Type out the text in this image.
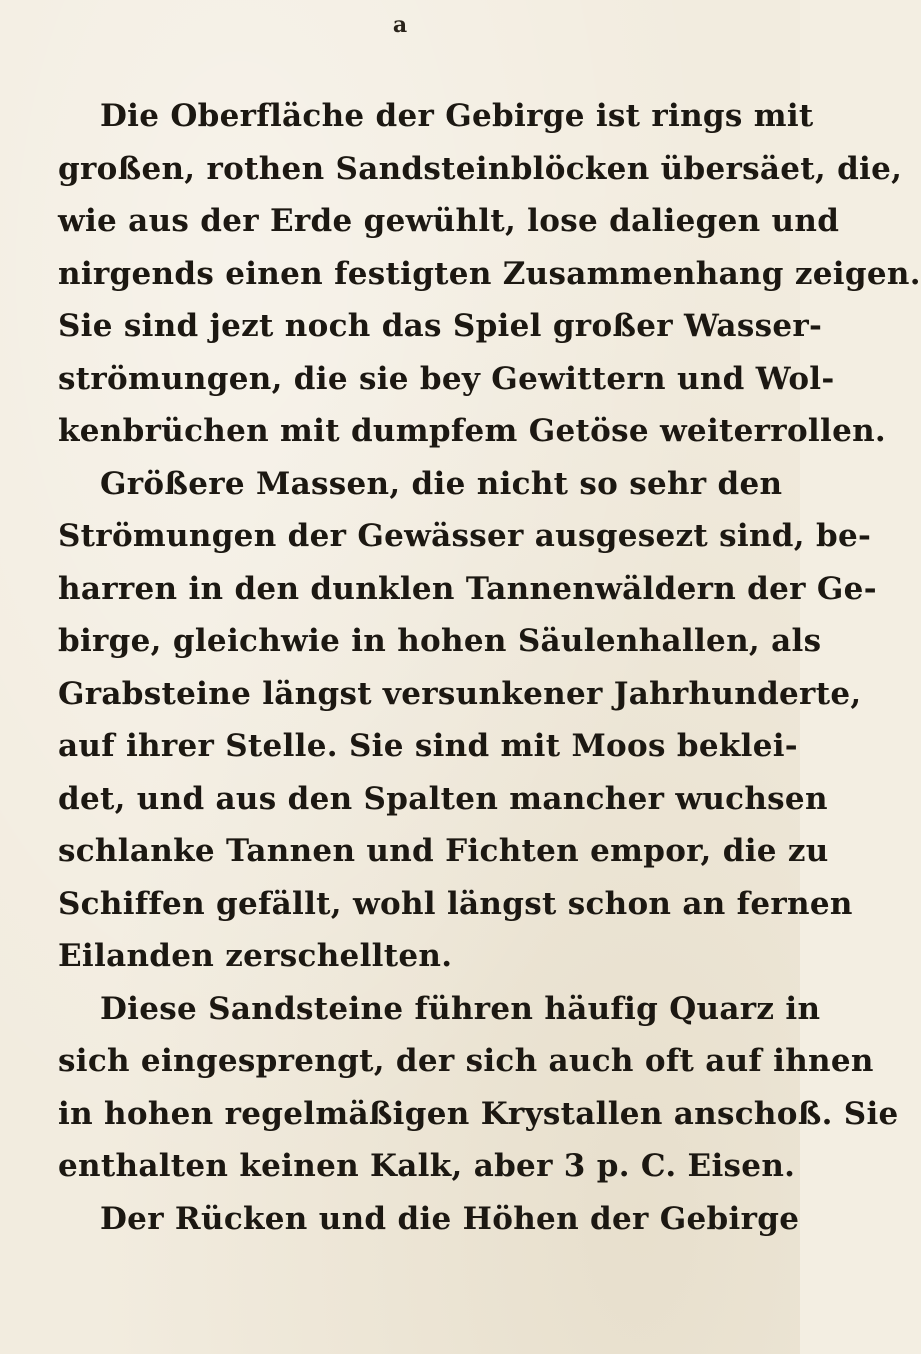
a
Die Oberfläche der Gebirge ist rings mit
großen, rothen Sandsteinblöcken übersäet, die,
wie aus der Erde gewühlt, lose daliegen und
nirgends einen festigten Zusammenhang zeigen.
Sie sind jezt noch das Spiel großer Wasser-
strömungen, die sie bey Gewittern und Wol-
kenbrüchen mit dumpfem Getöse weiterrollen.
Größere Massen, die nicht so sehr den
Strömungen der Gewässer ausgesezt sind, be-
harren in den dunklen Tannenwäldern der Ge-
birge, gleichwie in hohen Säulenhallen, als
Grabsteine längst versunkener Jahrhunderte,
auf ihrer Stelle. Sie sind mit Moos beklei-
det, und aus den Spalten mancher wuchsen
schlanke Tannen und Fichten empor, die zu
Schiffen gefällt, wohl längst schon an fernen
Eilanden zerschellten.
Diese Sandsteine führen häufig Quarz in
sich eingesprengt, der sich auch oft auf ihnen
in hohen regelmäßigen Krystallen anschoß. Sie
enthalten keinen Kalk, aber 3 p. C. Eisen.
Der Rücken und die Höhen der Gebirge
